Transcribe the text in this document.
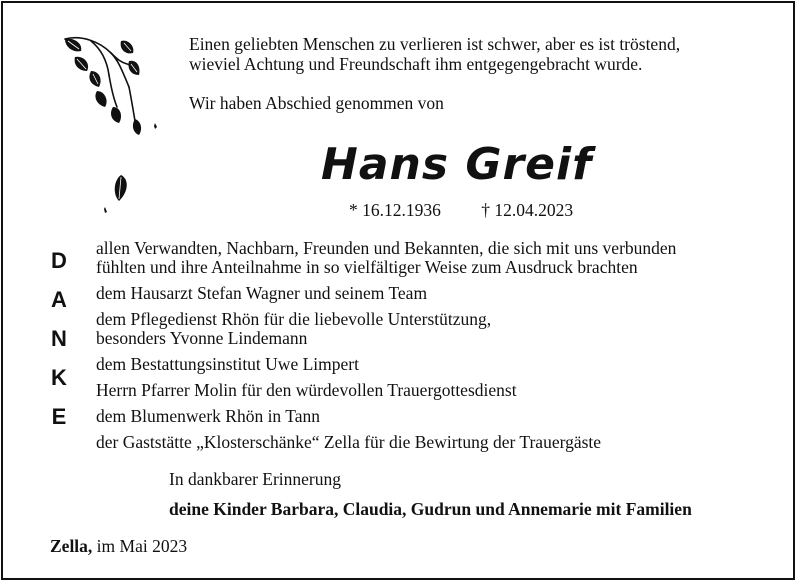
Einen geliebten Menschen zu verlieren ist schwer, aber es ist tröstend,
wieviel Achtung und Freundschaft ihm entgegengebracht wurde.
Wir haben Abschied genommen von
Hans Greif
* 16.12.1936 † 12.04.2023
D
A
N
K
E
allen Verwandten, Nachbarn, Freunden und Bekannten, die sich mit uns verbunden
fühlten und ihre Anteilnahme in so vielfältiger Weise zum Ausdruck brachten
dem Hausarzt Stefan Wagner und seinem Team
dem Pflegedienst Rhön für die liebevolle Unterstützung,
besonders Yvonne Lindemann
dem Bestattungsinstitut Uwe Limpert
Herrn Pfarrer Molin für den würdevollen Trauergottesdienst
dem Blumenwerk Rhön in Tann
der Gaststätte „Klosterschänke“ Zella für die Bewirtung der Trauergäste
In dankbarer Erinnerung
deine Kinder Barbara, Claudia, Gudrun und Annemarie mit Familien
Zella, im Mai 2023
